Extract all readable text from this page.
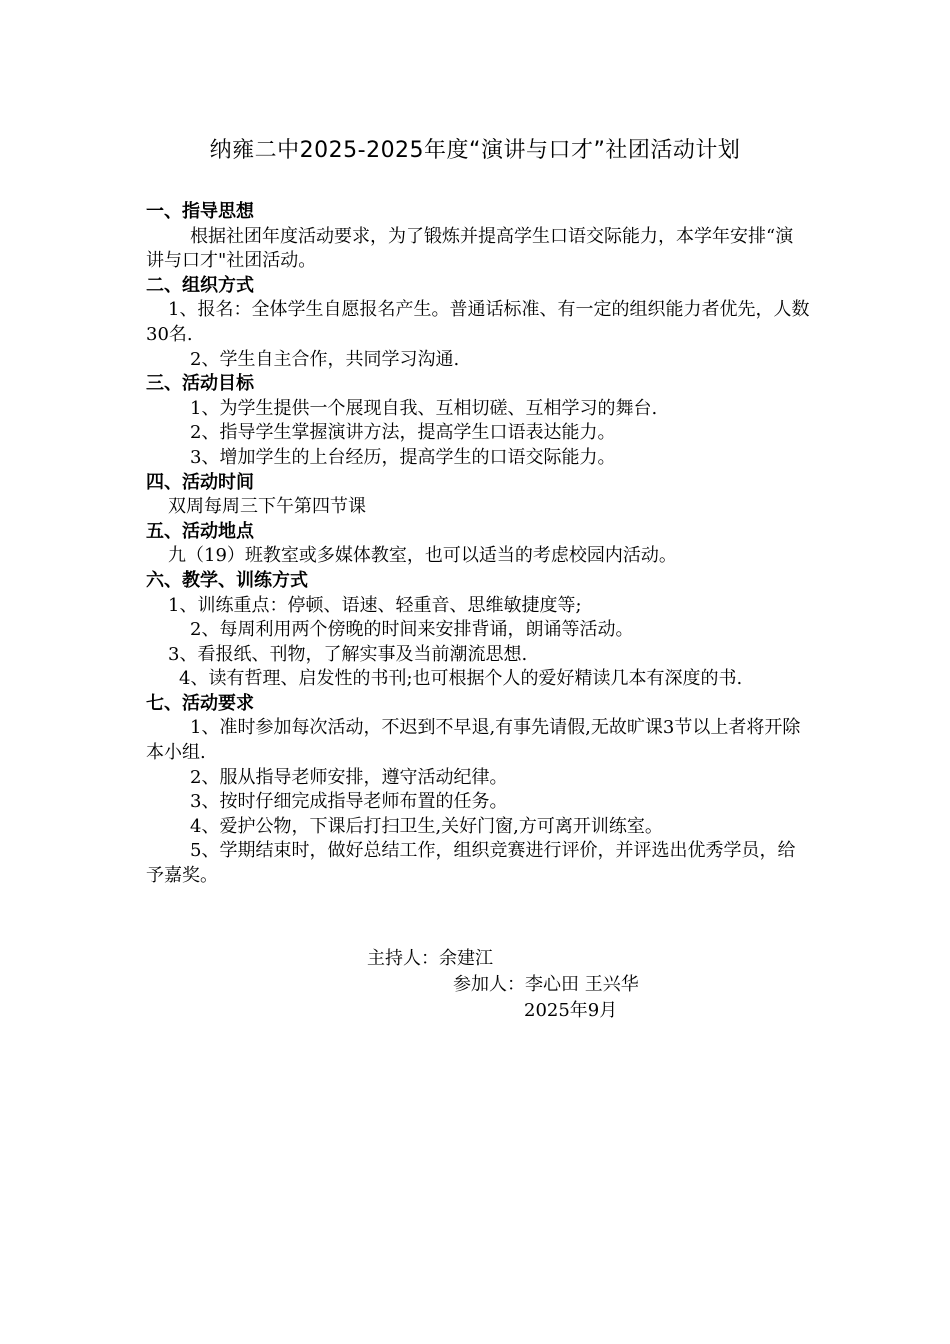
纳雍二中2025-2025年度“演讲与口才”社团活动计划

一、指导思想

根据社团年度活动要求，为了锻炼并提高学生口语交际能力，本学年安排“演讲与口才"社团活动。

二、组织方式

1、报名：全体学生自愿报名产生。普通话标准、有一定的组织能力者优先，人数30名.

2、学生自主合作，共同学习沟通.

三、活动目标

1、为学生提供一个展现自我、互相切磋、互相学习的舞台.

2、指导学生掌握演讲方法，提高学生口语表达能力。

3、增加学生的上台经历，提高学生的口语交际能力。

四、活动时间

双周每周三下午第四节课

五、活动地点

九（19）班教室或多媒体教室，也可以适当的考虑校园内活动。

六、教学、训练方式

1、训练重点：停顿、语速、轻重音、思维敏捷度等;

2、每周利用两个傍晚的时间来安排背诵，朗诵等活动。

3、看报纸、刊物，了解实事及当前潮流思想.

4、读有哲理、启发性的书刊;也可根据个人的爱好精读几本有深度的书.

七、活动要求

1、准时参加每次活动，不迟到不早退,有事先请假,无故旷课3节以上者将开除本小组.

2、服从指导老师安排，遵守活动纪律。

3、按时仔细完成指导老师布置的任务。

4、爱护公物，下课后打扫卫生,关好门窗,方可离开训练室。

5、学期结束时，做好总结工作，组织竞赛进行评价，并评选出优秀学员，给予嘉奖。

主持人：余建江
参加人：李心田 王兴华
2025年9月
